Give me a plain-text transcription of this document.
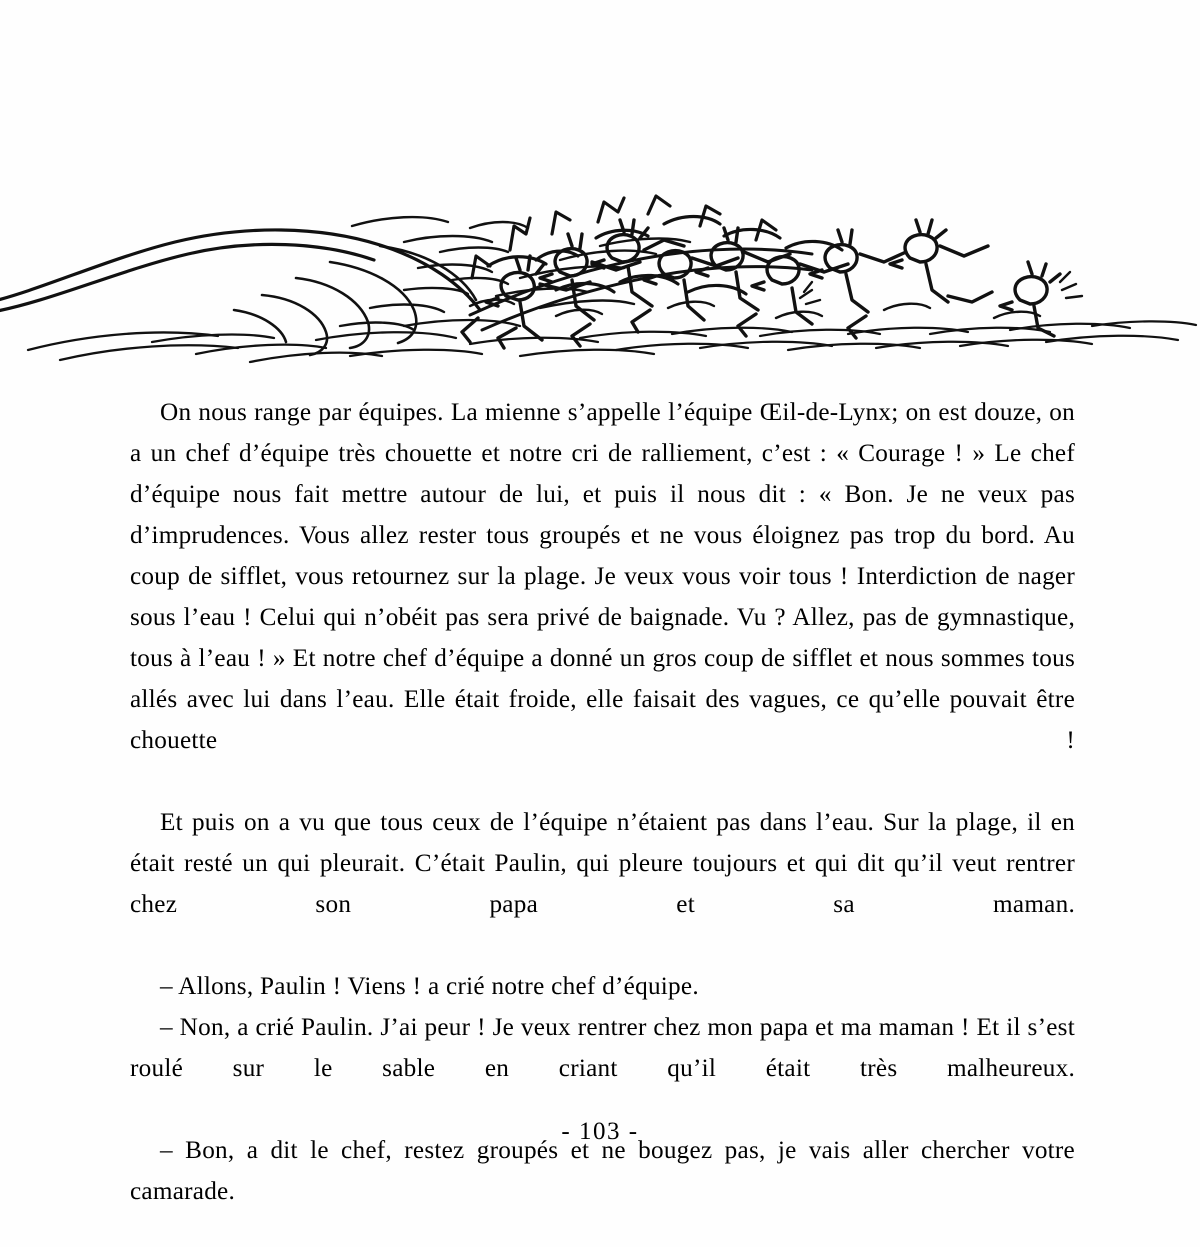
On nous range par équipes. La mienne s’appelle l’équipe Œil-de-Lynx; on est douze, on a un chef d’équipe très chouette et notre cri de ralliement, c’est : « Courage ! » Le chef d’équipe nous fait mettre autour de lui, et puis il nous dit : « Bon. Je ne veux pas d’imprudences. Vous allez rester tous groupés et ne vous éloignez pas trop du bord. Au coup de sifflet, vous retournez sur la plage. Je veux vous voir tous ! Interdiction de nager sous l’eau ! Celui qui n’obéit pas sera privé de baignade. Vu ? Allez, pas de gymnastique, tous à l’eau ! » Et notre chef d’équipe a donné un gros coup de sifflet et nous sommes tous allés avec lui dans l’eau. Elle était froide, elle faisait des vagues, ce qu’elle pouvait être chouette !

Et puis on a vu que tous ceux de l’équipe n’étaient pas dans l’eau. Sur la plage, il en était resté un qui pleurait. C’était Paulin, qui pleure toujours et qui dit qu’il veut rentrer chez son papa et sa maman.

– Allons, Paulin ! Viens ! a crié notre chef d’équipe.

– Non, a crié Paulin. J’ai peur ! Je veux rentrer chez mon papa et ma maman ! Et il s’est roulé sur le sable en criant qu’il était très malheureux.

– Bon, a dit le chef, restez groupés et ne bougez pas, je vais aller chercher votre camarade.

- 103 -
